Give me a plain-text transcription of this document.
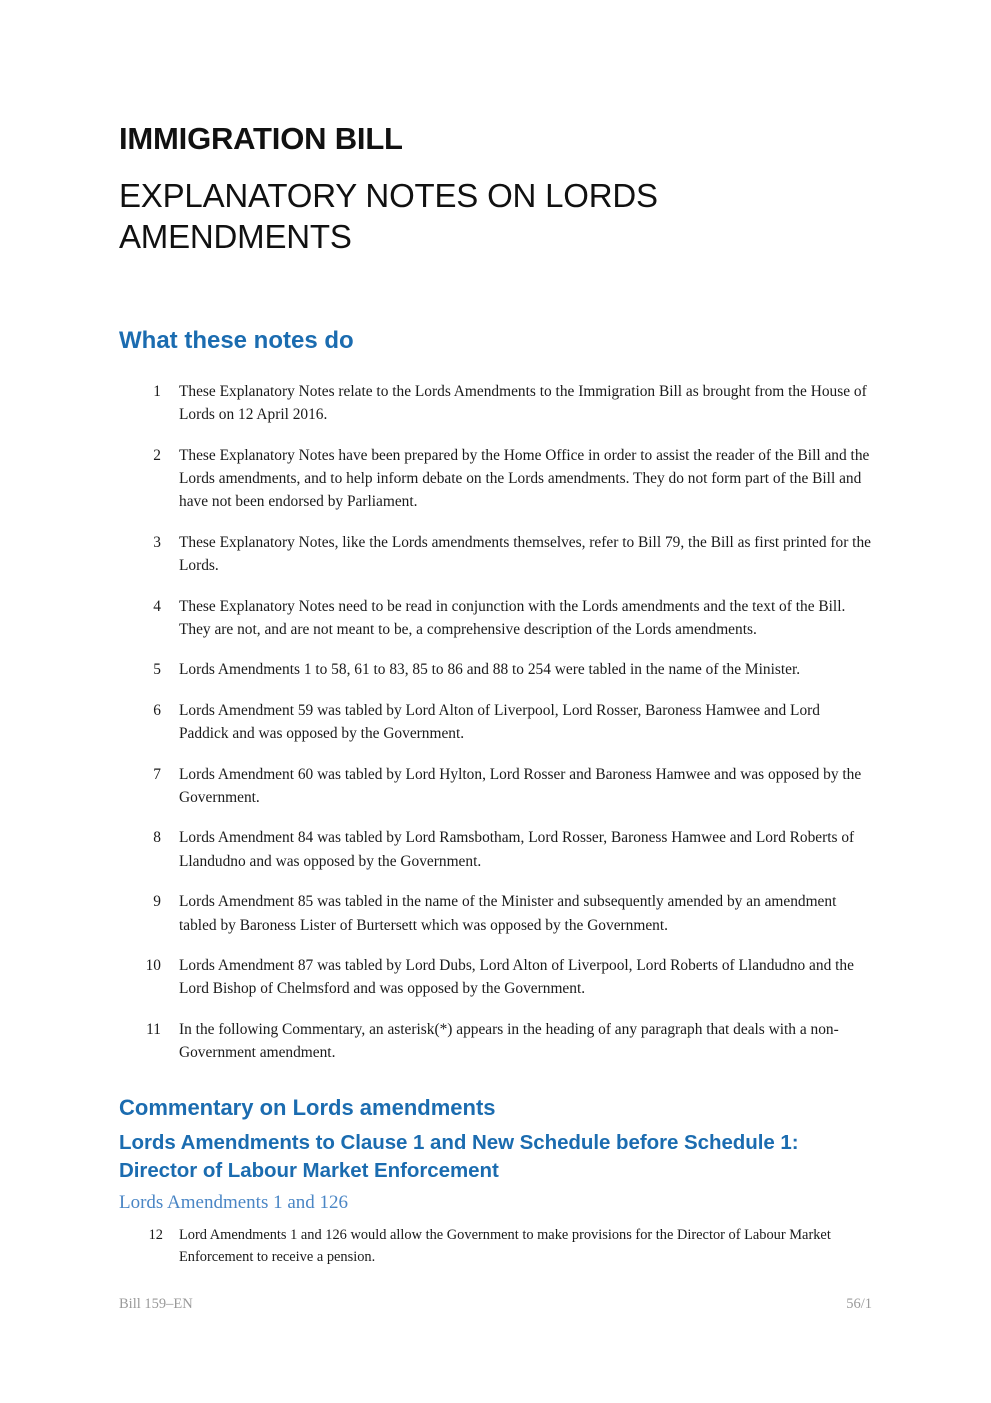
IMMIGRATION BILL
EXPLANATORY NOTES ON LORDS AMENDMENTS
What these notes do
1 These Explanatory Notes relate to the Lords Amendments to the Immigration Bill as brought from the House of Lords on 12 April 2016.
2 These Explanatory Notes have been prepared by the Home Office in order to assist the reader of the Bill and the Lords amendments, and to help inform debate on the Lords amendments. They do not form part of the Bill and have not been endorsed by Parliament.
3 These Explanatory Notes, like the Lords amendments themselves, refer to Bill 79, the Bill as first printed for the Lords.
4 These Explanatory Notes need to be read in conjunction with the Lords amendments and the text of the Bill. They are not, and are not meant to be, a comprehensive description of the Lords amendments.
5 Lords Amendments 1 to 58, 61 to 83, 85 to 86 and 88 to 254 were tabled in the name of the Minister.
6 Lords Amendment 59 was tabled by Lord Alton of Liverpool, Lord Rosser, Baroness Hamwee and Lord Paddick and was opposed by the Government.
7 Lords Amendment 60 was tabled by Lord Hylton, Lord Rosser and Baroness Hamwee and was opposed by the Government.
8 Lords Amendment 84 was tabled by Lord Ramsbotham, Lord Rosser, Baroness Hamwee and Lord Roberts of Llandudno and was opposed by the Government.
9 Lords Amendment 85 was tabled in the name of the Minister and subsequently amended by an amendment tabled by Baroness Lister of Burtersett which was opposed by the Government.
10 Lords Amendment 87 was tabled by Lord Dubs, Lord Alton of Liverpool, Lord Roberts of Llandudno and the Lord Bishop of Chelmsford and was opposed by the Government.
11 In the following Commentary, an asterisk(*) appears in the heading of any paragraph that deals with a non-Government amendment.
Commentary on Lords amendments
Lords Amendments to Clause 1 and New Schedule before Schedule 1: Director of Labour Market Enforcement
Lords Amendments 1 and 126
12 Lord Amendments 1 and 126 would allow the Government to make provisions for the Director of Labour Market Enforcement to receive a pension.
Bill 159–EN	56/1
